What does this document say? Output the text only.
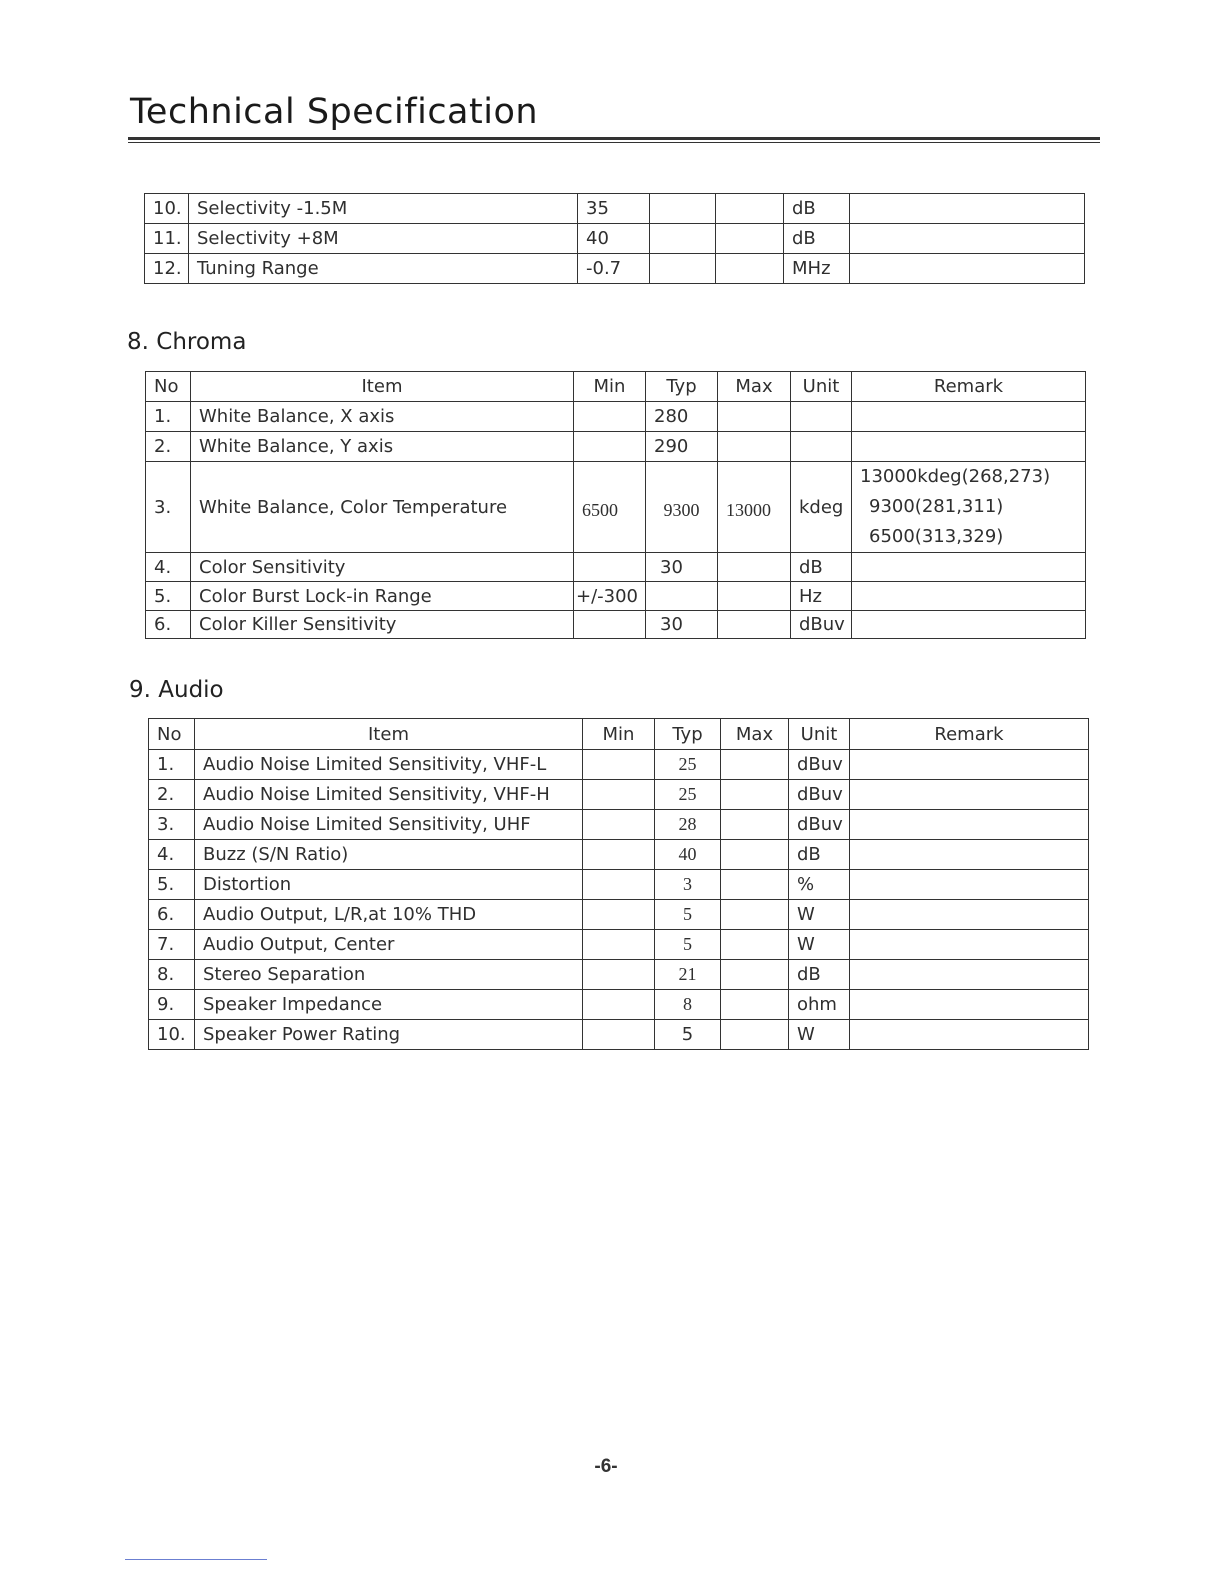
Technical Specification
10.	Selectivity -1.5M	35			dB	
11.	Selectivity +8M	40			dB	
12.	Tuning Range	-0.7			MHz	
8. Chroma
No	Item	Min	Typ	Max	Unit	Remark
1.	White Balance, X axis		280			
2.	White Balance, Y axis		290			
3.	White Balance, Color Temperature	6500	9300	13000	kdeg	13000kdeg(268,273)
9300(281,311)
6500(313,329)

4.	Color Sensitivity		30		dB	
5.	Color Burst Lock-in Range	+/-300			Hz	
6.	Color Killer Sensitivity		30		dBuv	
9. Audio
No	Item	Min	Typ	Max	Unit	Remark
1.	Audio Noise Limited Sensitivity, VHF-L		25		dBuv	
2.	Audio Noise Limited Sensitivity, VHF-H		25		dBuv	
3.	Audio Noise Limited Sensitivity, UHF		28		dBuv	
4.	Buzz (S/N Ratio)		40		dB	
5.	Distortion		3		%	
6.	Audio Output, L/R,at 10% THD		5		W	
7.	Audio Output, Center		5		W	
8.	Stereo Separation		21		dB	
9.	Speaker Impedance		8		ohm	
10.	Speaker Power Rating		5		W	
-6-
